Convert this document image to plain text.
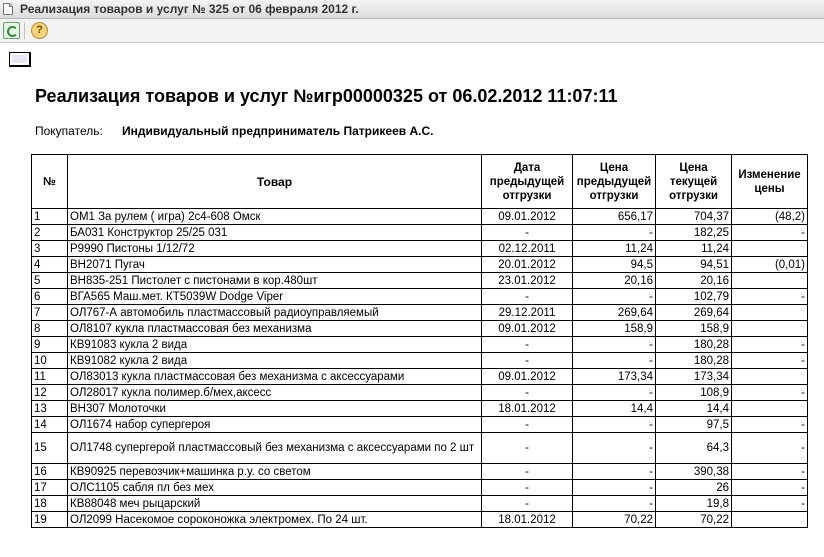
Реализация товаров и услуг № 325 от 06 февраля 2012 г.
?
Реализация товаров и услуг №игр00000325 от 06.02.2012 11:07:11
Покупатель: Индивидуальный предприниматель Патрикеев А.С.
№	Товар	Дата предыдущей отгрузки	Цена предыдущей отгрузки	Цена текущей отгрузки	Изменение цены
1	ОМ1 За рулем ( игра) 2с4-608 Омск	09.01.2012	656,17	704,37	(48,2)
2	БА031 Конструктор 25/25 031	-	-	182,25	-
3	Р9990 Пистоны 1/12/72	02.12.2011	11,24	11,24	
4	ВН2071 Пугач	20.01.2012	94,5	94,51	(0,01)
5	ВН835-251 Пистолет с пистонами в кор.480шт	23.01.2012	20,16	20,16	
6	ВГА565 Маш.мет. КТ5039W Dodge Viper	-	-	102,79	-
7	ОЛ767-А автомобиль пластмассовый радиоуправляемый	29.12.2011	269,64	269,64	
8	ОЛ8107 кукла пластмассовая без механизма	09.01.2012	158,9	158,9	
9	КВ91083 кукла 2 вида	-	-	180,28	-
10	КВ91082 кукла 2 вида	-	-	180,28	-
11	ОЛ83013 кукла пластмассовая без механизма с аксессуарами	09.01.2012	173,34	173,34	
12	ОЛ28017 кукла полимер.б/мех,аксесс	-	-	108,9	-
13	ВН307 Молоточки	18.01.2012	14,4	14,4	
14	ОЛ1674 набор супергероя	-	-	97,5	-
15	ОЛ1748 супергерой пластмассовый без механизма с аксессуарами по 2 шт	-	-	64,3	-
16	КВ90925 перевозчик+машинка р.у. со светом	-	-	390,38	-
17	ОЛС1105 сабля пл без мех	-	-	26	-
18	КВ88048 меч рыцарский	-	-	19,8	-
19	ОЛ2099 Насекомое сороконожка электромех. По 24 шт.	18.01.2012	70,22	70,22	
